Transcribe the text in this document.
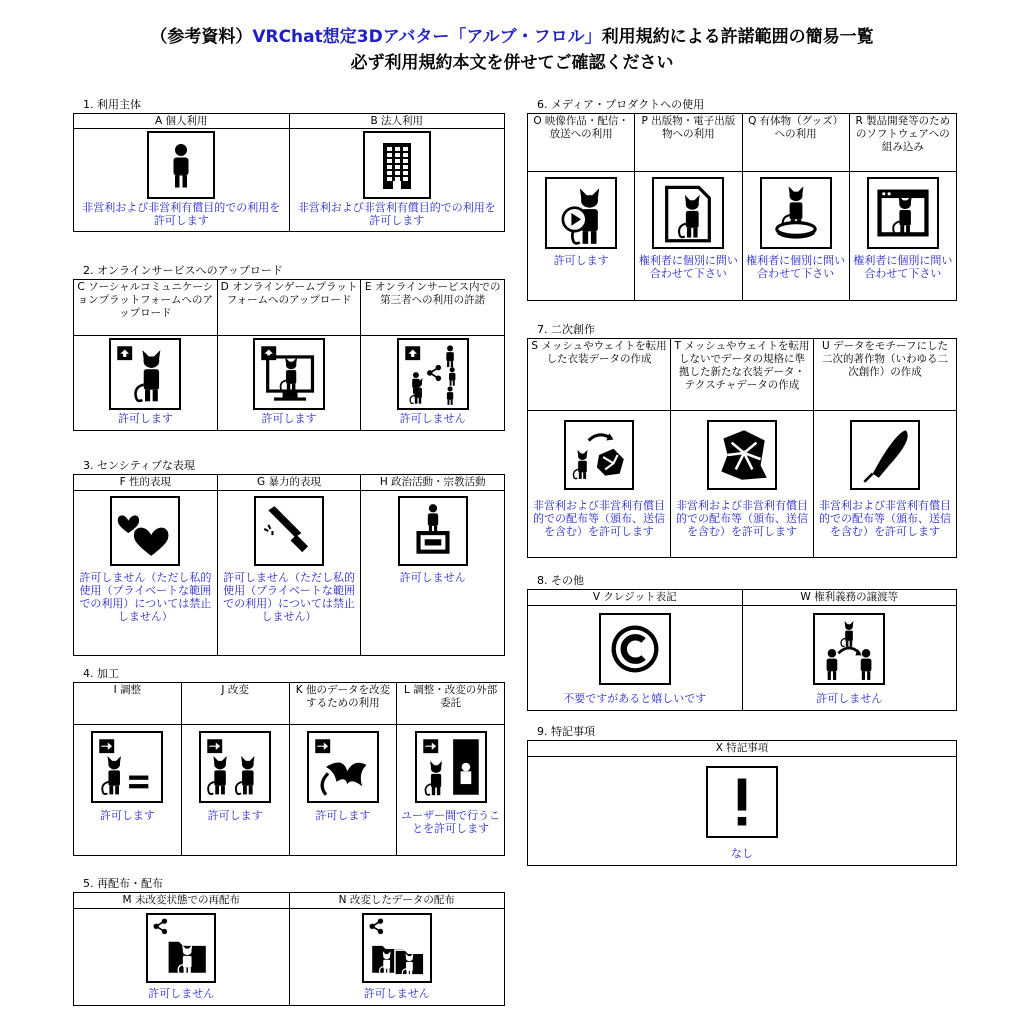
（参考資料）VRChat想定3Dアバター「アルブ・フロル」利用規約による許諾範囲の簡易一覧
必ず利用規約本文を併せてご確認ください
1. 利用主体
A 個人利用
非営利および非営利有償目的での利用を許可します
B 法人利用
非営利および非営利有償目的での利用を許可します
2. オンラインサービスへのアップロード
C ソーシャルコミュニケーションプラットフォームへのアップロード
許可します
D オンラインゲームプラットフォームへのアップロード
許可します
E オンラインサービス内での第三者への利用の許諾
許可しません
3. センシティブな表現
F 性的表現
許可しません（ただし私的使用（プライベートな範囲での利用）については禁止しません）
G 暴力的表現
許可しません（ただし私的使用（プライベートな範囲での利用）については禁止しません）
H 政治活動・宗教活動
許可しません
4. 加工
I 調整
許可します
J 改変
許可します
K 他のデータを改変するための利用
許可します
L 調整・改変の外部委託
ユーザー間で行うことを許可します
5. 再配布・配布
M 未改変状態での再配布
許可しません
N 改変したデータの配布
許可しません
6. メディア・プロダクトへの使用
O 映像作品・配信・放送への利用
許可します
P 出版物・電子出版物への利用
権利者に個別に問い合わせて下さい
Q 有体物（グッズ）への利用
権利者に個別に問い合わせて下さい
R 製品開発等のためのソフトウェアへの組み込み
権利者に個別に問い合わせて下さい
7. 二次創作
S メッシュやウェイトを転用した衣装データの作成
非営利および非営利有償目的での配布等（頒布、送信を含む）を許可します
T メッシュやウェイトを転用しないでデータの規格に準拠した新たな衣装データ・テクスチャデータの作成
非営利および非営利有償目的での配布等（頒布、送信を含む）を許可します
U データをモチーフにした二次的著作物（いわゆる二次創作）の作成
非営利および非営利有償目的での配布等（頒布、送信を含む）を許可します
8. その他
V クレジット表記
不要ですがあると嬉しいです
W 権利義務の譲渡等
許可しません
9. 特記事項
X 特記事項
なし
